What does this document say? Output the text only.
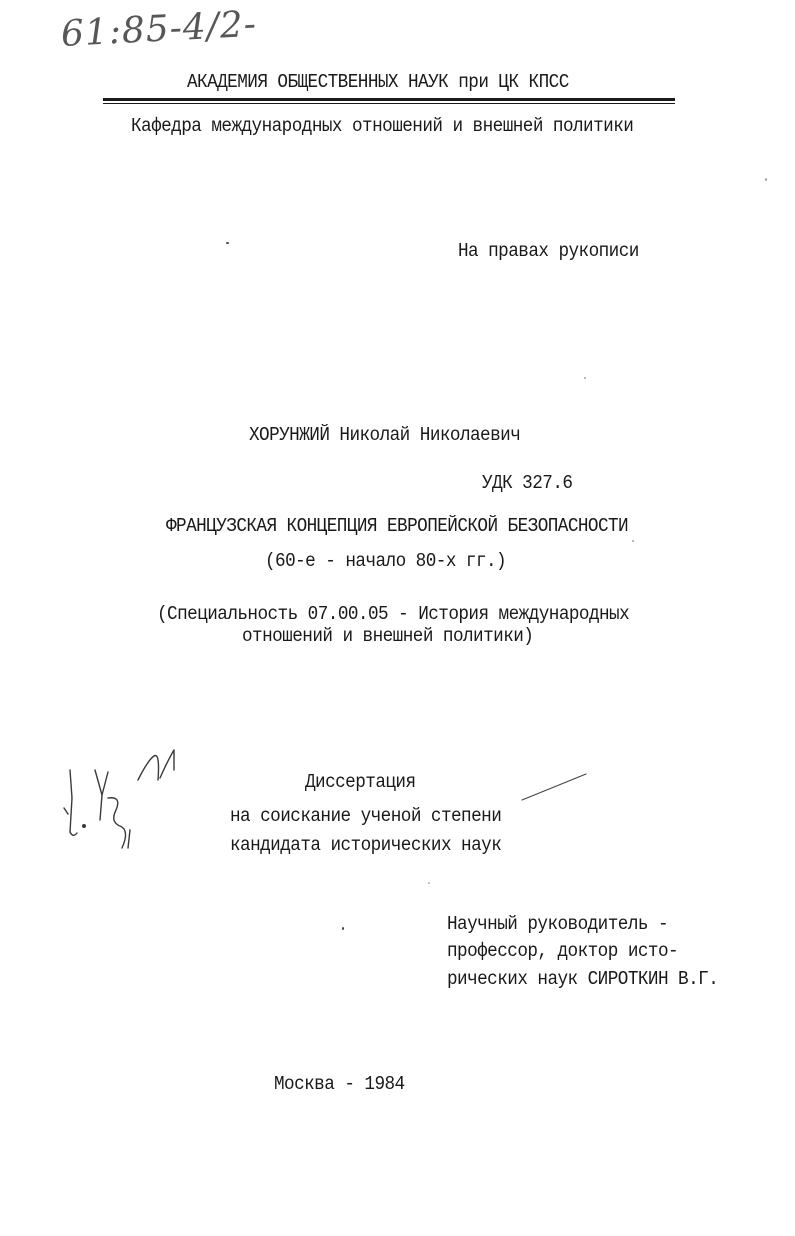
61:85-4/2-
АКАДЕМИЯ ОБЩЕСТВЕННЫХ НАУК при ЦК КПСС
Кафедра международных отношений и внешней политики
На правах рукописи
ХОРУНЖИЙ Николай Николаевич
УДК 327.6
ФРАНЦУЗСКАЯ КОНЦЕПЦИЯ ЕВРОПЕЙСКОЙ БЕЗОПАСНОСТИ
(60-е - начало 80-х гг.)
(Специальность 07.00.05 - История международных
отношений и внешней политики)
Диссертация
на соискание ученой степени
кандидата исторических наук
Научный руководитель -
профессор, доктор исто-
рических наук СИРОТКИН В.Г.
Москва - 1984
